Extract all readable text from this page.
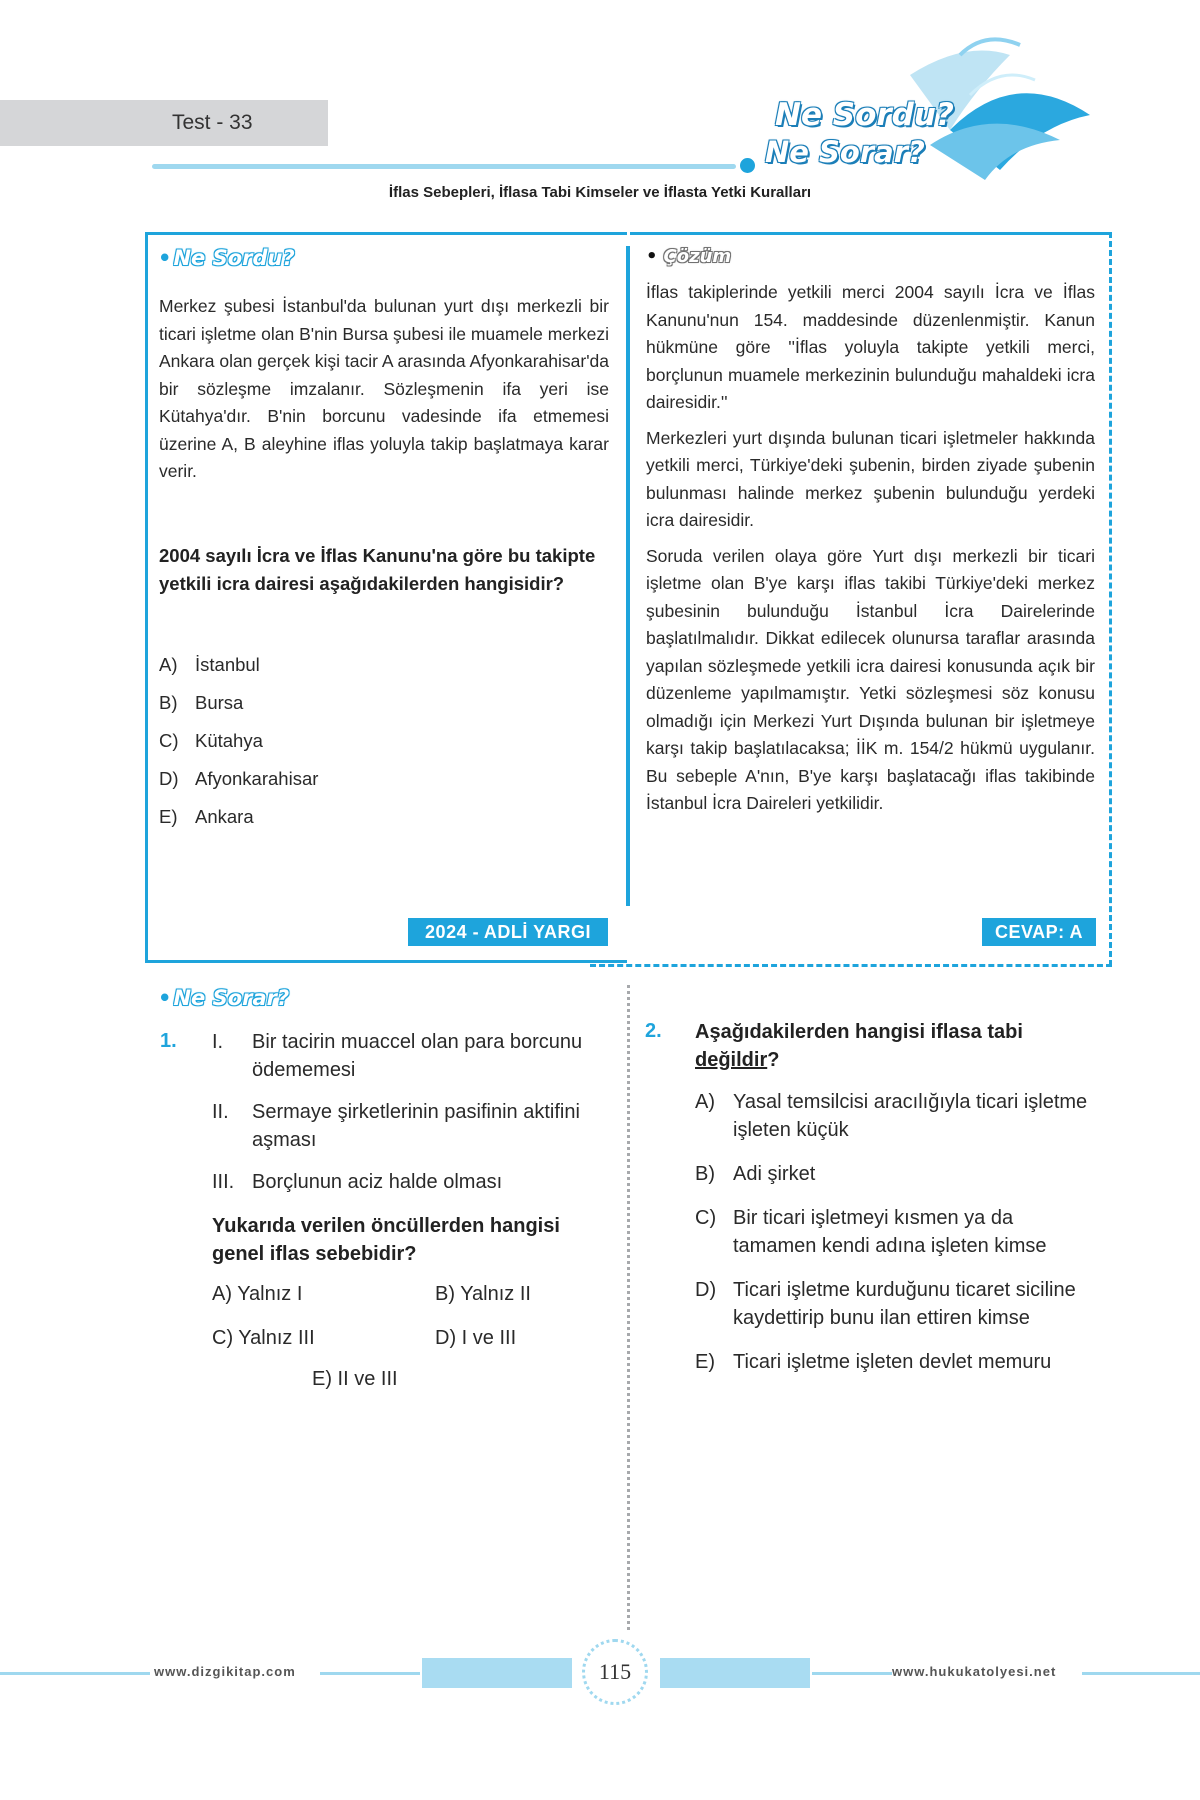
Test - 33	Ne Sordu?
Ne Sorar?
İflas Sebepleri, İflasa Tabi Kimseler ve İflasta Yetki Kuralları
•Ne Sordu?
Merkez şubesi İstanbul'da bulunan yurt dışı merkezli bir ticari işletme olan B'nin Bursa şubesi ile muamele merkezi Ankara olan gerçek kişi tacir A arasında Afyonkarahisar'da bir sözleşme imzalanır. Sözleşmenin ifa yeri ise Kütahya'dır. B'nin borcunu vadesinde ifa etmemesi üzerine A, B aleyhine iflas yoluyla takip başlatmaya karar verir.
2004 sayılı İcra ve İflas Kanunu'na göre bu takipte yetkili icra dairesi aşağıdakilerden hangisidir?
A) İstanbul
B) Bursa
C) Kütahya
D) Afyonkarahisar
E) Ankara
2024 - ADLİ YARGI
• Çözüm

İflas takiplerinde yetkili merci 2004 sayılı İcra ve İflas Kanunu'nun 154. maddesinde düzenlenmiştir. Kanun hükmüne göre ''İflas yoluyla takipte yetkili merci, borçlunun muamele merkezinin bulunduğu mahaldeki icra dairesidir.''

Merkezleri yurt dışında bulunan ticari işletmeler hakkında yetkili merci, Türkiye'deki şubenin, birden ziyade şubenin bulunması halinde merkez şubenin bulunduğu yerdeki icra dairesidir.

Soruda verilen olaya göre Yurt dışı merkezli bir ticari işletme olan B'ye karşı iflas takibi Türkiye'deki merkez şubesinin bulunduğu İstanbul İcra Dairelerinde başlatılmalıdır. Dikkat edilecek olunursa taraflar arasında yapılan sözleşmede yetkili icra dairesi konusunda açık bir düzenleme yapılmamıştır. Yetki sözleşmesi söz konusu olmadığı için Merkezi Yurt Dışında bulunan bir işletmeye karşı takip başlatılacaksa; İİK m. 154/2 hükmü uygulanır. Bu sebeple A'nın, B'ye karşı başlatacağı iflas takibinde İstanbul İcra Daireleri yetkilidir.

CEVAP: A
•Ne Sorar?
1. I.	Bir tacirin muaccel olan para borcunu ödememesi
II.	Sermaye şirketlerinin pasifinin aktifini aşması
III. Borçlunun aciz halde olması
Yukarıda verilen öncüllerden hangisi genel iflas sebebidir?
A) Yalnız I	B) Yalnız II
C) Yalnız III	D) I ve III
E) II ve III
2. Aşağıdakilerden hangisi iflasa tabi değildir?
A) Yasal temsilcisi aracılığıyla ticari işletme işleten küçük
B) Adi şirket
C) Bir ticari işletmeyi kısmen ya da tamamen kendi adına işleten kimse
D) Ticari işletme kurduğunu ticaret siciline kaydettirip bunu ilan ettiren kimse
E) Ticari işletme işleten devlet memuru
www.dizgikitap.com	115	www.hukukatolyesi.net
